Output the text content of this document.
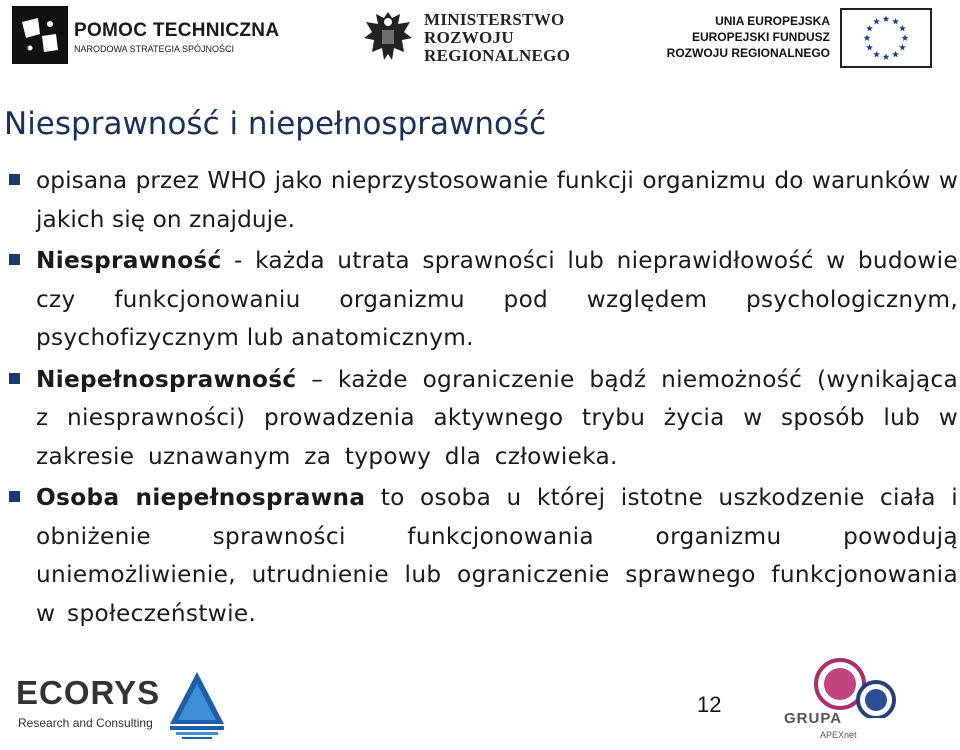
POMOC TECHNICZNA
NARODOWA STRATEGIA SPÓJNOŚCI
MINISTERSTWO
ROZWOJU
REGIONALNEGO
UNIA EUROPEJSKA
EUROPEJSKI FUNDUSZ
ROZWOJU REGIONALNEGO
Niesprawność i niepełnosprawność
opisana przez WHO jako nieprzystosowanie funkcji organizmu do warunków w jakich się on znajduje.
Niesprawność - każda utrata sprawności lub nieprawidłowość w budowie czy funkcjonowaniu organizmu pod względem psychologicznym, psychofizycznym lub anatomicznym.
Niepełnosprawność – każde ograniczenie bądź niemożność (wynikająca z niesprawności) prowadzenia aktywnego trybu życia w sposób lub w zakresie uznawanym za typowy dla człowieka.
Osoba niepełnosprawna to osoba u której istotne uszkodzenie ciała i obniżenie sprawności funkcjonowania organizmu powodują uniemożliwienie, utrudnienie lub ograniczenie sprawnego funkcjonowania w społeczeństwie.
ECORYS
Research and Consulting
12
GRUPA
APEXnet
